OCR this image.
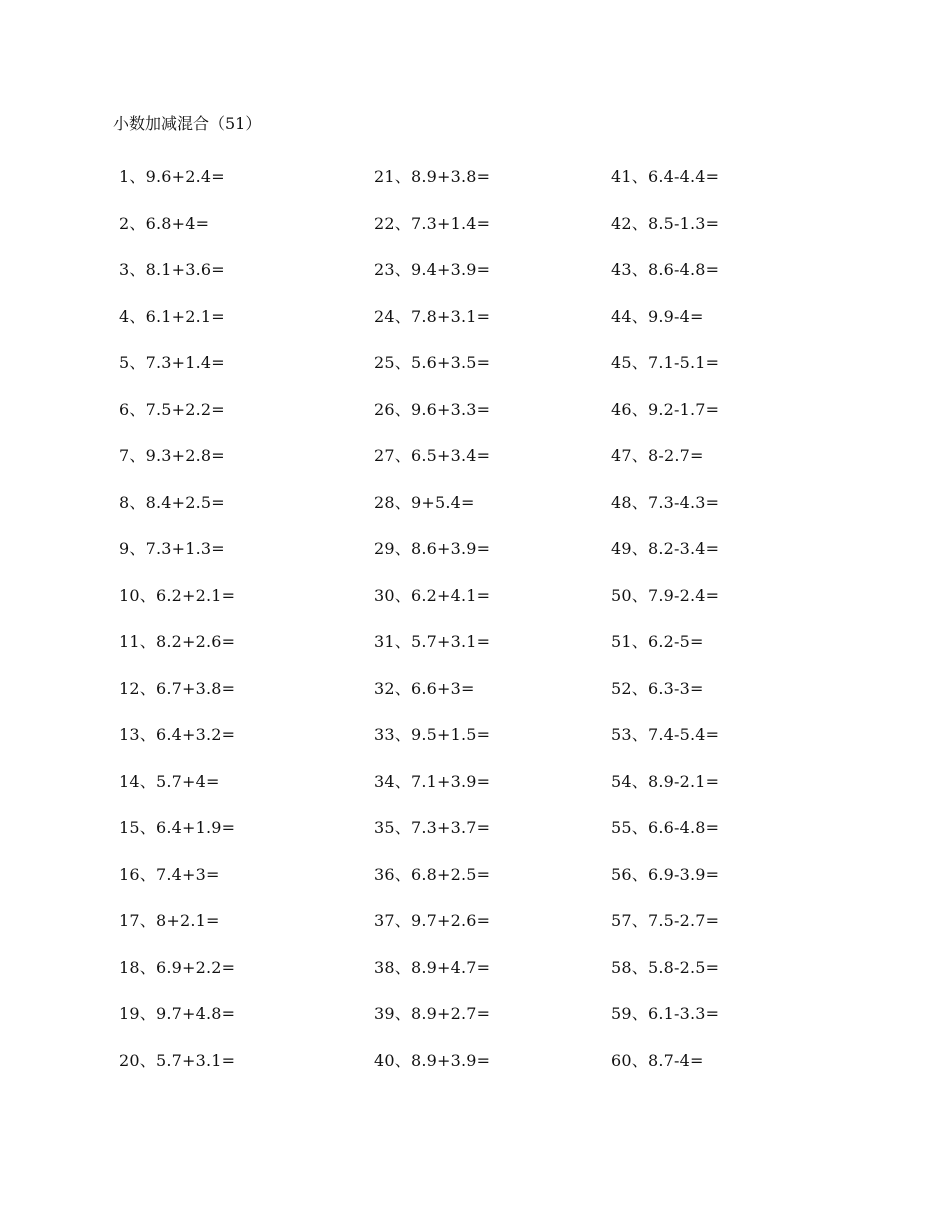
小数加减混合（51）
1、9.6+2.4=
2、6.8+4=
3、8.1+3.6=
4、6.1+2.1=
5、7.3+1.4=
6、7.5+2.2=
7、9.3+2.8=
8、8.4+2.5=
9、7.3+1.3=
10、6.2+2.1=
11、8.2+2.6=
12、6.7+3.8=
13、6.4+3.2=
14、5.7+4=
15、6.4+1.9=
16、7.4+3=
17、8+2.1=
18、6.9+2.2=
19、9.7+4.8=
20、5.7+3.1=
21、8.9+3.8=
22、7.3+1.4=
23、9.4+3.9=
24、7.8+3.1=
25、5.6+3.5=
26、9.6+3.3=
27、6.5+3.4=
28、9+5.4=
29、8.6+3.9=
30、6.2+4.1=
31、5.7+3.1=
32、6.6+3=
33、9.5+1.5=
34、7.1+3.9=
35、7.3+3.7=
36、6.8+2.5=
37、9.7+2.6=
38、8.9+4.7=
39、8.9+2.7=
40、8.9+3.9=
41、6.4-4.4=
42、8.5-1.3=
43、8.6-4.8=
44、9.9-4=
45、7.1-5.1=
46、9.2-1.7=
47、8-2.7=
48、7.3-4.3=
49、8.2-3.4=
50、7.9-2.4=
51、6.2-5=
52、6.3-3=
53、7.4-5.4=
54、8.9-2.1=
55、6.6-4.8=
56、6.9-3.9=
57、7.5-2.7=
58、5.8-2.5=
59、6.1-3.3=
60、8.7-4=
